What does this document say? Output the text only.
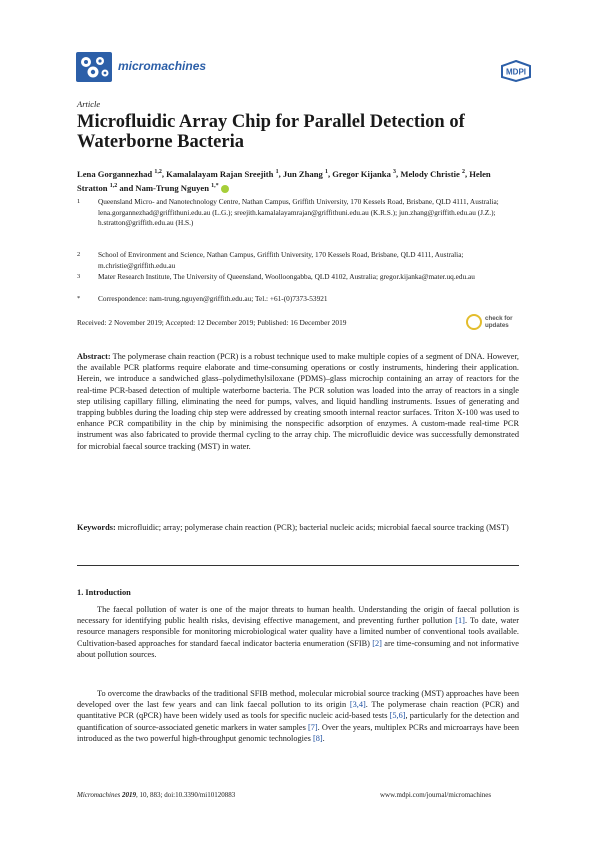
micromachines	MDPI
Article
Microfluidic Array Chip for Parallel Detection of Waterborne Bacteria
Lena Gorgannezhad $^{1,2}$, Kamalalayam Rajan Sreejith $^1$, Jun Zhang $^1$, Gregor Kijanka $^3$, Melody Christie $^2$, Helen Stratton $^{1,2}$ and Nam-Trung Nguyen $^{1,*}$
1 Queensland Micro- and Nanotechnology Centre, Nathan Campus, Griffith University, 170 Kessels Road, Brisbane, QLD 4111, Australia; lena.gorgannezhad@griffithuni.edu.au (L.G.); sreejith.kamalalayamrajan@griffithuni.edu.au (K.R.S.); jun.zhang@griffith.edu.au (J.Z.); h.stratton@griffith.edu.au (H.S.)
2 School of Environment and Science, Nathan Campus, Griffith University, 170 Kessels Road, Brisbane, QLD 4111, Australia; m.christie@griffith.edu.au
3 Mater Research Institute, The University of Queensland, Woolloongabba, QLD 4102, Australia; gregor.kijanka@mater.uq.edu.au
* Correspondence: nam-trung.nguyen@griffith.edu.au; Tel.: +61-(0)7373-53921
Received: 2 November 2019; Accepted: 12 December 2019; Published: 16 December 2019	check for
updates
Abstract: The polymerase chain reaction (PCR) is a robust technique used to make multiple copies of a segment of DNA. However, the available PCR platforms require elaborate and time-consuming operations or costly instruments, hindering their application. Herein, we introduce a sandwiched glass–polydimethylsiloxane (PDMS)–glass microchip containing an array of reactors for the real-time PCR-based detection of multiple waterborne bacteria. The PCR solution was loaded into the array of reactors in a single step utilising capillary filling, eliminating the need for pumps, valves, and liquid handling instruments. Issues of generating and trapping bubbles during the loading chip step were addressed by creating smooth internal reactor surfaces. Triton X-100 was used to enhance PCR compatibility in the chip by minimising the nonspecific adsorption of enzymes. A custom-made real-time PCR instrument was also fabricated to provide thermal cycling to the array chip. The microfluidic device was successfully demonstrated for microbial faecal source tracking (MST) in water.
Keywords: microfluidic; array; polymerase chain reaction (PCR); bacterial nucleic acids; microbial faecal source tracking (MST)
1. Introduction
The faecal pollution of water is one of the major threats to human health. Understanding the origin of faecal pollution is necessary for identifying public health risks, devising effective management, and preventing further pollution [1]. To date, water resource managers responsible for monitoring microbiological water quality have a limited number of conventional tools available. Cultivation-based approaches for standard faecal indicator bacteria enumeration (SFIB) [2] are time-consuming and not informative about pollution sources.
To overcome the drawbacks of the traditional SFIB method, molecular microbial source tracking (MST) approaches have been developed over the last few years and can link faecal pollution to its origin [3,4]. The polymerase chain reaction (PCR) and quantitative PCR (qPCR) have been widely used as tools for specific nucleic acid-based tests [5,6], particularly for the detection and quantification of source-associated genetic markers in water samples [7]. Over the years, multiplex PCRs and microarrays have been introduced as the two powerful high-throughput genomic technologies [8].
Micromachines 2019, 10, 883; doi:10.3390/mi10120883	www.mdpi.com/journal/micromachines
